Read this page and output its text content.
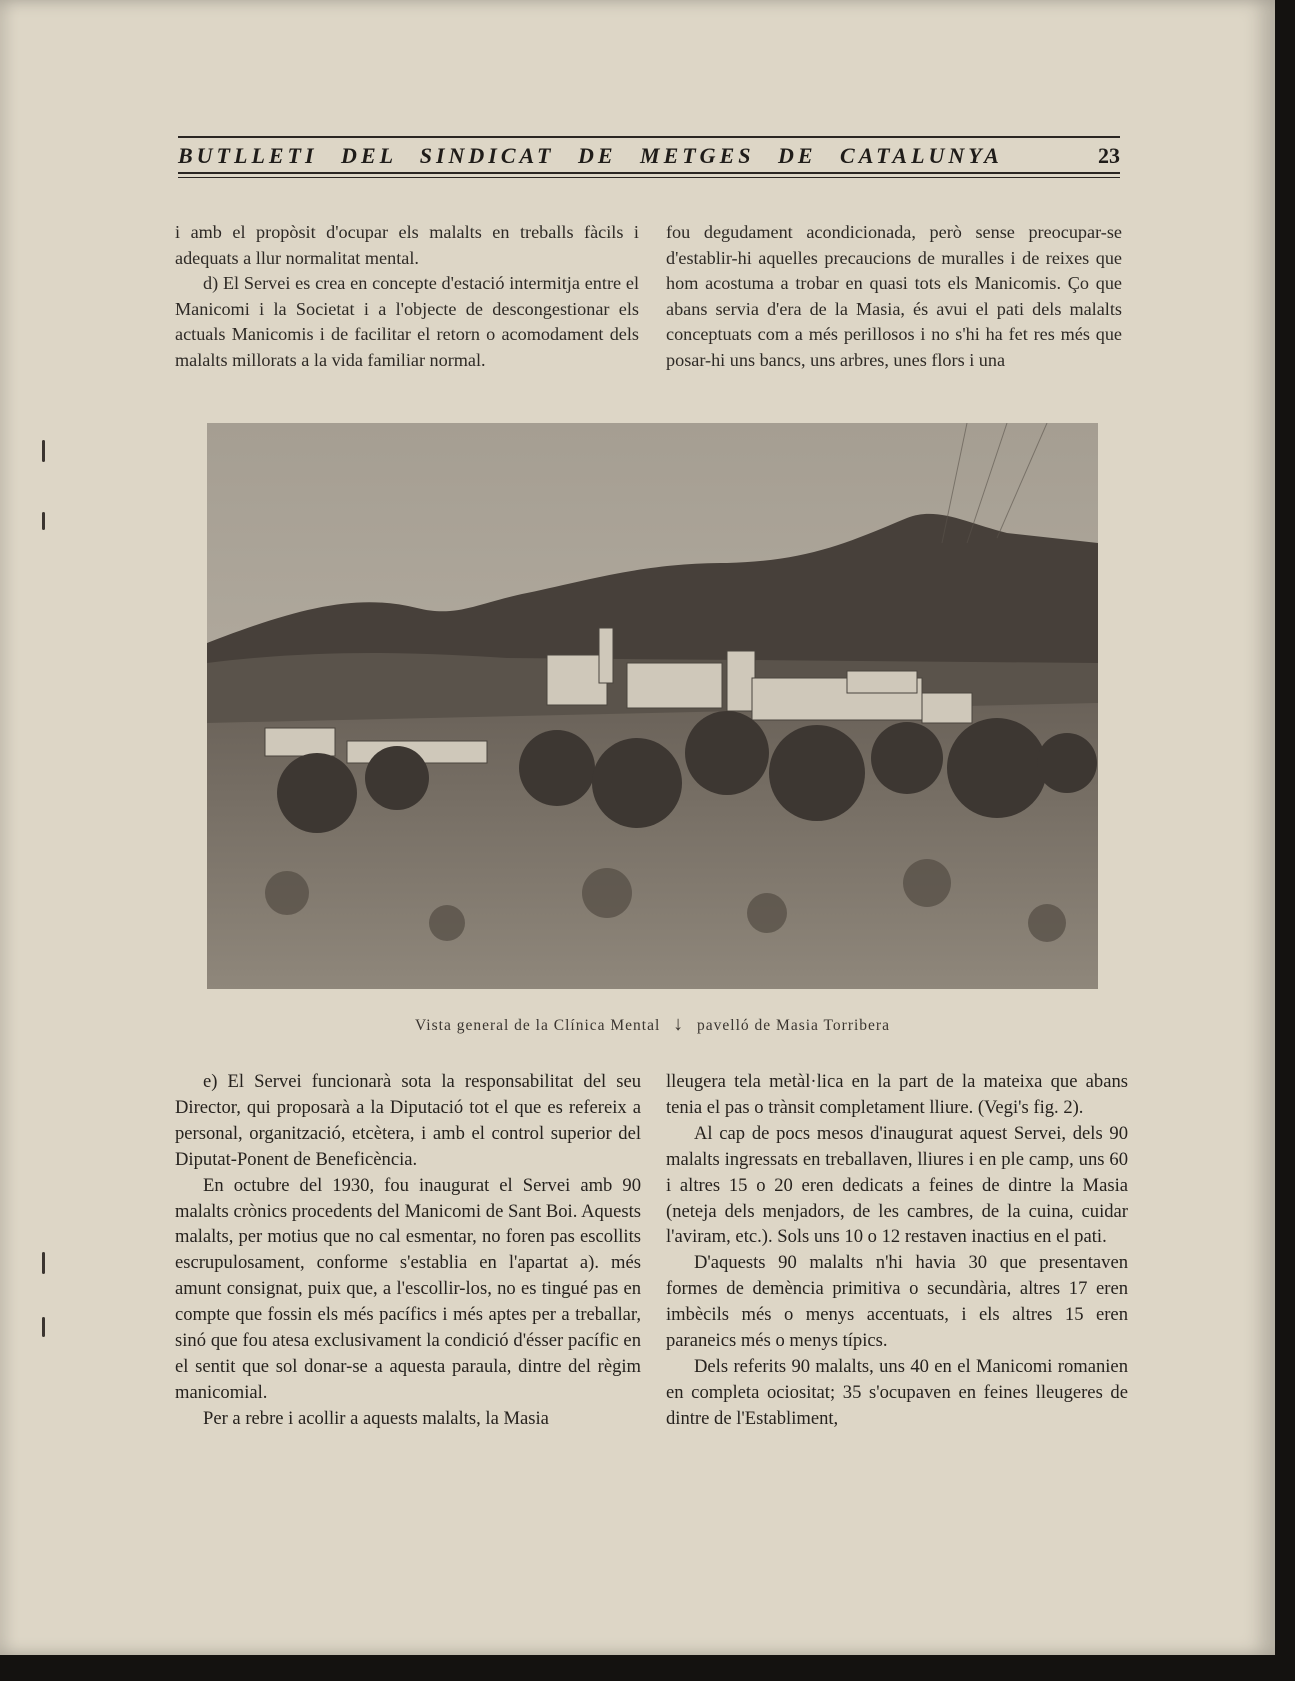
BUTLLETI DEL SINDICAT DE METGES DE CATALUNYA	23

i amb el propòsit d'ocupar els malalts en treballs fàcils i adequats a llur normalitat mental.

d) El Servei es crea en concepte d'estació intermitja entre el Manicomi i la Societat i a l'objecte de descongestionar els actuals Manicomis i de facilitar el retorn o acomodament dels malalts millorats a la vida familiar normal.

fou degudament acondicionada, però sense preocupar-se d'establir-hi aquelles precaucions de muralles i de reixes que hom acostuma a trobar en quasi tots els Manicomis. Ço que abans servia d'era de la Masia, és avui el pati dels malalts conceptuats com a més perillosos i no s'hi ha fet res més que posar-hi uns bancs, uns arbres, unes flors i una

Vista general de la Clínica Mental ↓ pavelló de Masia Torribera

e) El Servei funcionarà sota la responsabilitat del seu Director, qui proposarà a la Diputació tot el que es refereix a personal, organització, etcètera, i amb el control superior del Diputat-Ponent de Beneficència.

En octubre del 1930, fou inaugurat el Servei amb 90 malalts crònics procedents del Manicomi de Sant Boi. Aquests malalts, per motius que no cal esmentar, no foren pas escollits escrupulosament, conforme s'establia en l'apartat a). més amunt consignat, puix que, a l'escollir-los, no es tingué pas en compte que fossin els més pacífics i més aptes per a treballar, sinó que fou atesa exclusivament la condició d'ésser pacífic en el sentit que sol donar-se a aquesta paraula, dintre del règim manicomial.

Per a rebre i acollir a aquests malalts, la Masia

lleugera tela metàl·lica en la part de la mateixa que abans tenia el pas o trànsit completament lliure. (Vegi's fig. 2).

Al cap de pocs mesos d'inaugurat aquest Servei, dels 90 malalts ingressats en treballaven, lliures i en ple camp, uns 60 i altres 15 o 20 eren dedicats a feines de dintre la Masia (neteja dels menjadors, de les cambres, de la cuina, cuidar l'aviram, etc.). Sols uns 10 o 12 restaven inactius en el pati.

D'aquests 90 malalts n'hi havia 30 que presentaven formes de demència primitiva o secundària, altres 17 eren imbècils més o menys accentuats, i els altres 15 eren paraneics més o menys típics.

Dels referits 90 malalts, uns 40 en el Manicomi romanien en completa ociositat; 35 s'ocupaven en feines lleugeres de dintre de l'Establiment,
